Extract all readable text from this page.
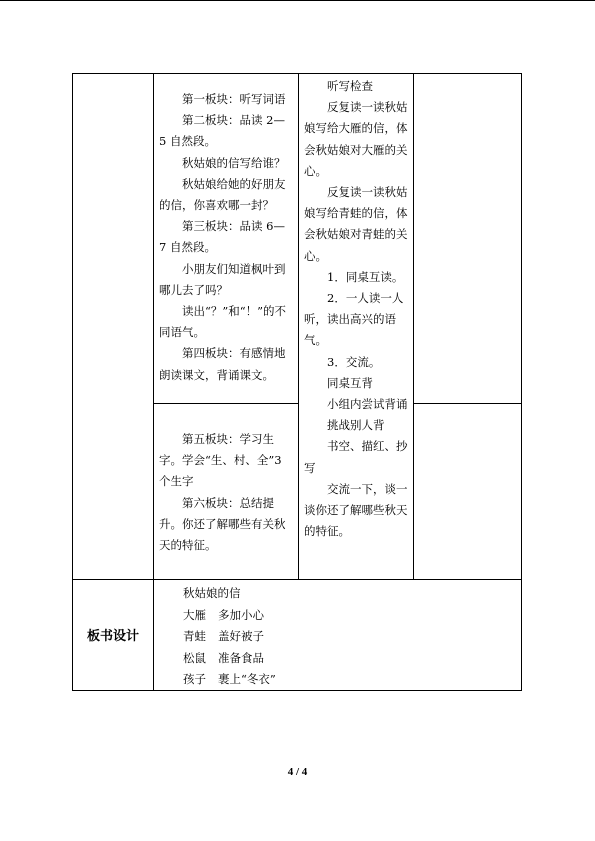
第一板块：听写词语

第二板块：品读 2—5 自然段。

秋姑娘的信写给谁？

秋姑娘给她的好朋友的信，你喜欢哪一封？

第三板块：品读 6—7 自然段。

小朋友们知道枫叶到哪儿去了吗？

读出“？”和“！”的不同语气。

第四板块：有感情地朗读课文，背诵课文。

第五板块：学习生字。学会“生、村、全”3 个生字

第六板块：总结提升。你还了解哪些有关秋天的特征。

听写检查

反复读一读秋姑娘写给大雁的信，体会秋姑娘对大雁的关心。

反复读一读秋姑娘写给青蛙的信，体会秋姑娘对青蛙的关心。

1．同桌互读。

2．一人读一人听，读出高兴的语气。

3．交流。

同桌互背

小组内尝试背诵

挑战别人背

书空、描红、抄写

交流一下，谈一谈你还了解哪些秋天的特征。

板书设计

秋姑娘的信

大雁 多加小心

青蛙 盖好被子

松鼠 准备食品

孩子 裹上“冬衣”

4 / 4
